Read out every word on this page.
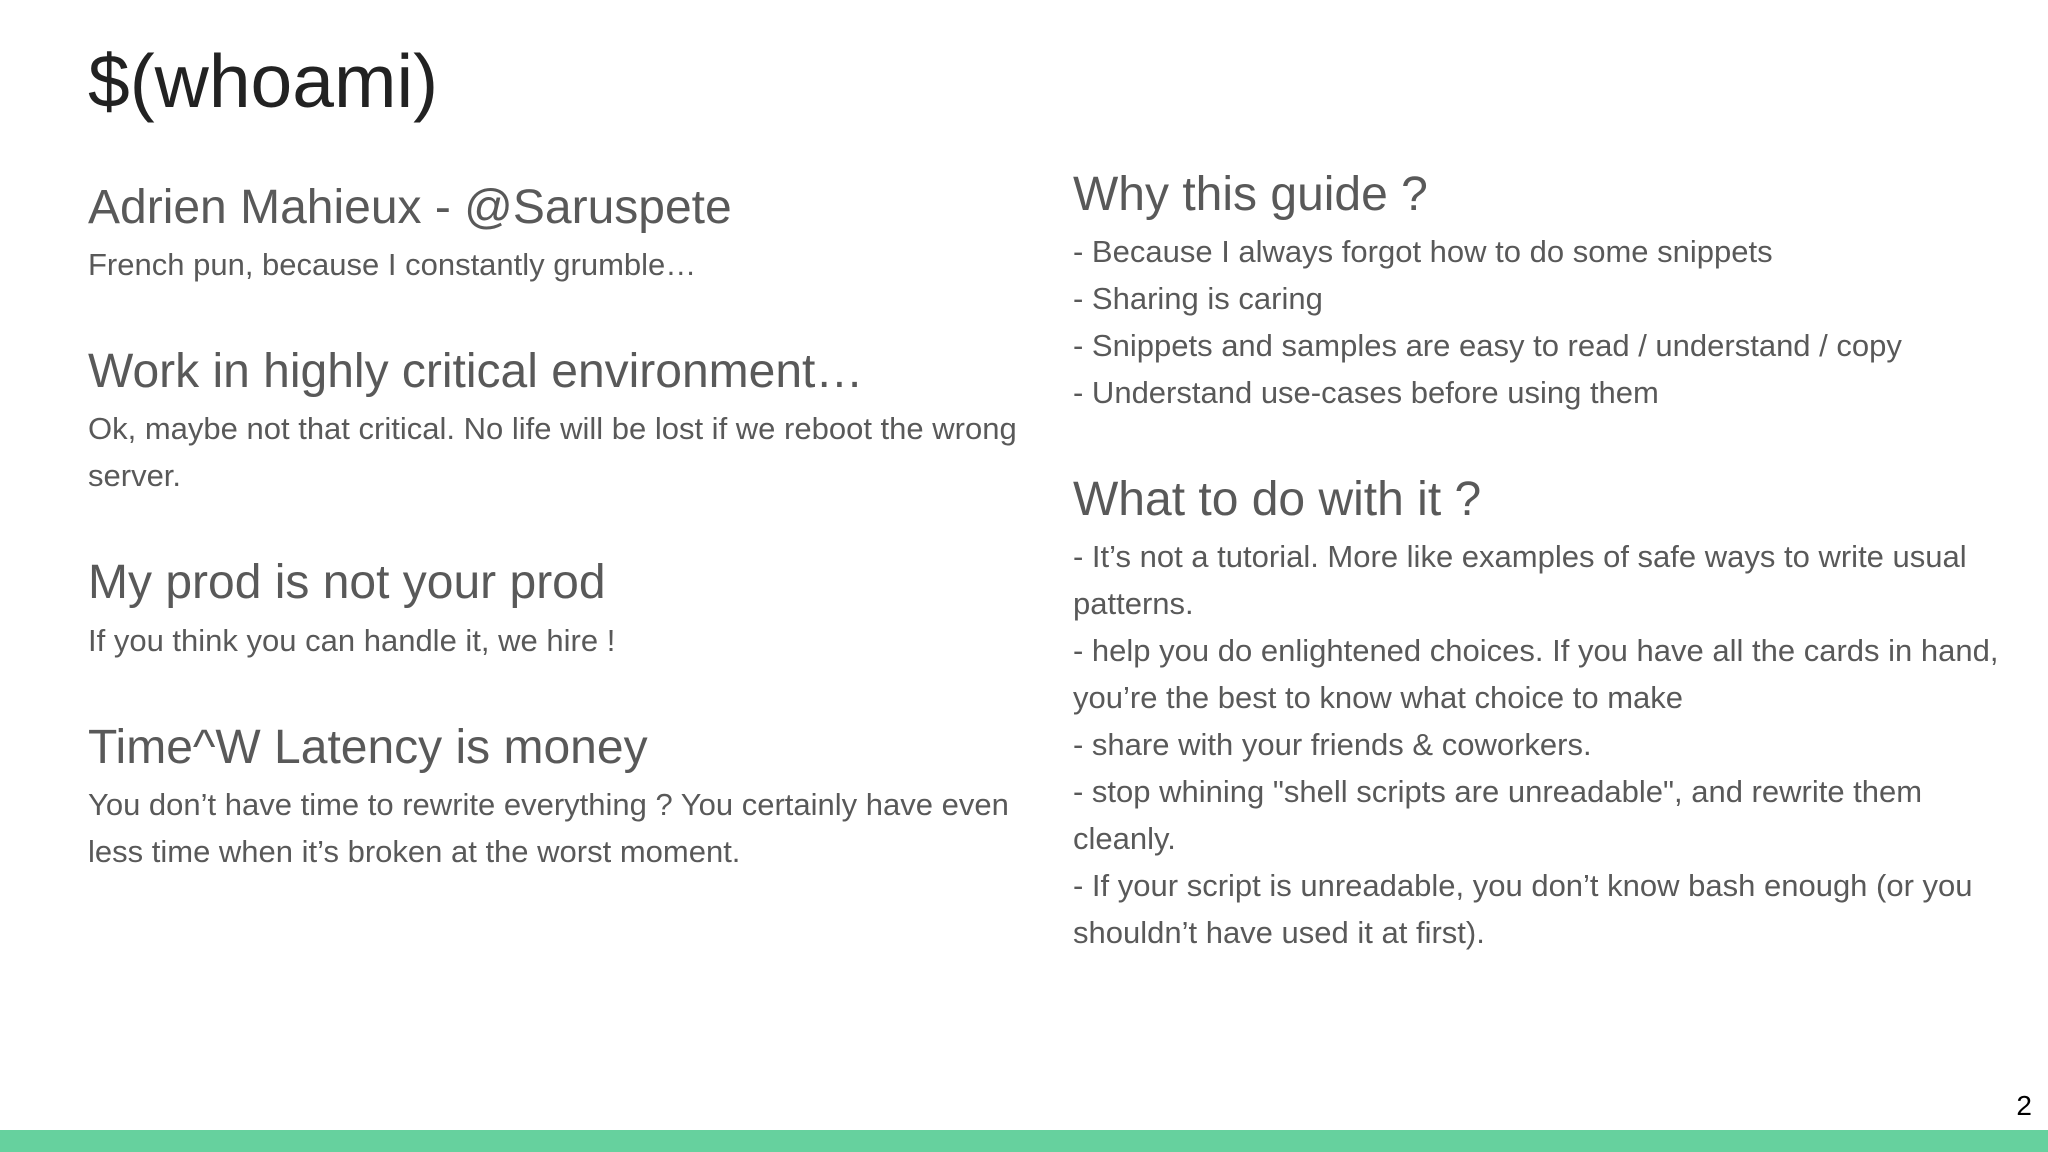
$(whoami)
Adrien Mahieux - @Saruspete

French pun, because I constantly grumble…

Work in highly critical environment…

Ok, maybe not that critical. No life will be lost if we reboot the wrong server.

My prod is not your prod

If you think you can handle it, we hire !

Time^W Latency is money

You don’t have time to rewrite everything ? You certainly have even less time when it’s broken at the worst moment.

Why this guide ?
- Because I always forgot how to do some snippets
- Sharing is caring
- Snippets and samples are easy to read / understand / copy
- Understand use-cases before using them
What to do with it ?
- It’s not a tutorial. More like examples of safe ways to write usual patterns.
- help you do enlightened choices. If you have all the cards in hand, you’re the best to know what choice to make
- share with your friends & coworkers.
- stop whining "shell scripts are unreadable", and rewrite them cleanly.
- If your script is unreadable, you don’t know bash enough (or you shouldn’t have used it at first).
2
